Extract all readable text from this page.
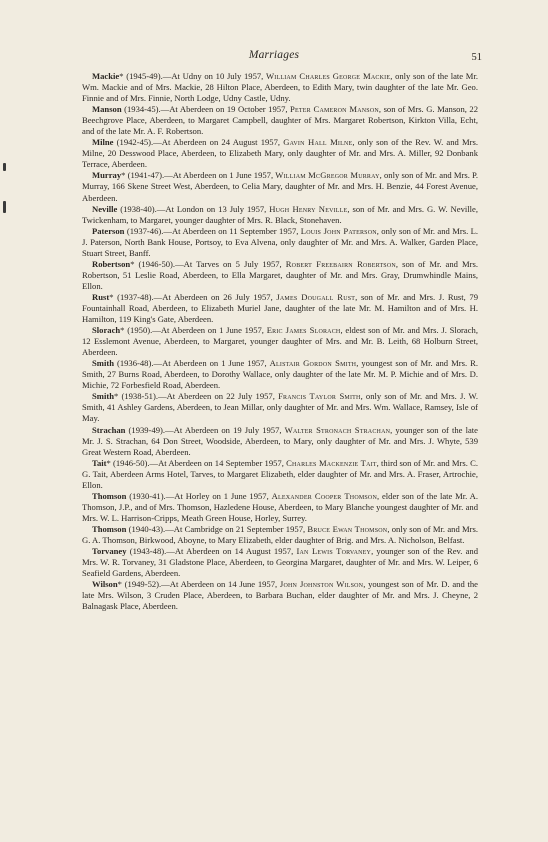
Marriages	51

Mackie* (1945-49).—At Udny on 10 July 1957, William Charles George Mackie, only son of the late Mr. Wm. Mackie and of Mrs. Mackie, 28 Hilton Place, Aberdeen, to Edith Mary, twin daughter of the late Mr. Geo. Finnie and of Mrs. Finnie, North Lodge, Udny Castle, Udny.

Manson (1934-45).—At Aberdeen on 19 October 1957, Peter Cameron Manson, son of Mrs. G. Manson, 22 Beechgrove Place, Aberdeen, to Margaret Campbell, daughter of Mrs. Margaret Robertson, Kirkton Villa, Echt, and of the late Mr. A. F. Robertson.

Milne (1942-45).—At Aberdeen on 24 August 1957, Gavin Hall Milne, only son of the Rev. W. and Mrs. Milne, 20 Desswood Place, Aberdeen, to Elizabeth Mary, only daughter of Mr. and Mrs. A. Miller, 92 Donbank Terrace, Aberdeen.

Murray* (1941-47).—At Aberdeen on 1 June 1957, William McGregor Murray, only son of Mr. and Mrs. P. Murray, 166 Skene Street West, Aberdeen, to Celia Mary, daughter of Mr. and Mrs. H. Benzie, 44 Forest Avenue, Aberdeen.

Neville (1938-40).—At London on 13 July 1957, Hugh Henry Neville, son of Mr. and Mrs. G. W. Neville, Twickenham, to Margaret, younger daughter of Mrs. R. Black, Stonehaven.

Paterson (1937-46).—At Aberdeen on 11 September 1957, Louis John Paterson, only son of Mr. and Mrs. L. J. Paterson, North Bank House, Portsoy, to Eva Alvena, only daughter of Mr. and Mrs. A. Walker, Garden Place, Stuart Street, Banff.

Robertson* (1946-50).—At Tarves on 5 July 1957, Robert Freebairn Robertson, son of Mr. and Mrs. Robertson, 51 Leslie Road, Aberdeen, to Ella Margaret, daughter of Mr. and Mrs. Gray, Drumwhindle Mains, Ellon.

Rust* (1937-48).—At Aberdeen on 26 July 1957, James Dougall Rust, son of Mr. and Mrs. J. Rust, 79 Fountainhall Road, Aberdeen, to Elizabeth Muriel Jane, daughter of the late Mr. M. Hamilton and of Mrs. H. Hamilton, 119 King's Gate, Aberdeen.

Slorach* (1950).—At Aberdeen on 1 June 1957, Eric James Slorach, eldest son of Mr. and Mrs. J. Slorach, 12 Esslemont Avenue, Aberdeen, to Margaret, younger daughter of Mrs. and Mr. B. Leith, 68 Holburn Street, Aberdeen.

Smith (1936-48).—At Aberdeen on 1 June 1957, Alistair Gordon Smith, youngest son of Mr. and Mrs. R. Smith, 27 Burns Road, Aberdeen, to Dorothy Wallace, only daughter of the late Mr. M. P. Michie and of Mrs. D. Michie, 72 Forbesfield Road, Aberdeen.

Smith* (1938-51).—At Aberdeen on 22 July 1957, Francis Taylor Smith, only son of Mr. and Mrs. J. W. Smith, 41 Ashley Gardens, Aberdeen, to Jean Millar, only daughter of Mr. and Mrs. Wm. Wallace, Ramsey, Isle of May.

Strachan (1939-49).—At Aberdeen on 19 July 1957, Walter Stronach Strachan, younger son of the late Mr. J. S. Strachan, 64 Don Street, Woodside, Aberdeen, to Mary, only daughter of Mr. and Mrs. J. Whyte, 539 Great Western Road, Aberdeen.

Tait* (1946-50).—At Aberdeen on 14 September 1957, Charles Mackenzie Tait, third son of Mr. and Mrs. C. G. Tait, Aberdeen Arms Hotel, Tarves, to Margaret Elizabeth, elder daughter of Mr. and Mrs. A. Fraser, Artrochie, Ellon.

Thomson (1930-41).—At Horley on 1 June 1957, Alexander Cooper Thomson, elder son of the late Mr. A. Thomson, J.P., and of Mrs. Thomson, Hazledene House, Aberdeen, to Mary Blanche youngest daughter of Mr. and Mrs. W. L. Harrison-Cripps, Meath Green House, Horley, Surrey.

Thomson (1940-43).—At Cambridge on 21 September 1957, Bruce Ewan Thomson, only son of Mr. and Mrs. G. A. Thomson, Birkwood, Aboyne, to Mary Elizabeth, elder daughter of Brig. and Mrs. A. Nicholson, Belfast.

Torvaney (1943-48).—At Aberdeen on 14 August 1957, Ian Lewis Torvaney, younger son of the Rev. and Mrs. W. R. Torvaney, 31 Gladstone Place, Aberdeen, to Georgina Margaret, daughter of Mr. and Mrs. W. Leiper, 6 Seafield Gardens, Aberdeen.

Wilson* (1949-52).—At Aberdeen on 14 June 1957, John Johnston Wilson, youngest son of Mr. D. and the late Mrs. Wilson, 3 Cruden Place, Aberdeen, to Barbara Buchan, elder daughter of Mr. and Mrs. J. Cheyne, 2 Balnagask Place, Aberdeen.
